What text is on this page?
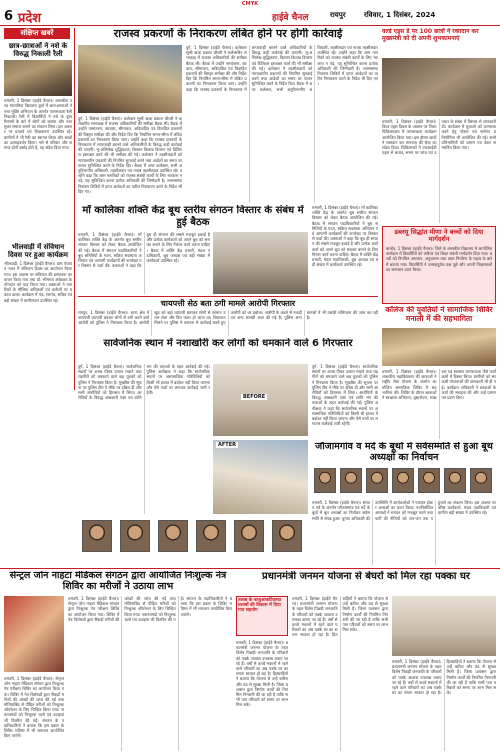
CMYK
6 प्रदेश	हाईवे चैनल	रायपुर	रविवार, 1 दिसंबर, 2024
संक्षिप्त खबरें
छात्र-छात्राओं ने नशे के विरुद्ध निकाली रैली
धमतरी, 1 दिसंबर (हाईवे चैनल)। शासकीय उच्च माध्यमिक विद्यालय कुर्रा में छात्र-छात्राओं ने नशा मुक्ति अभियान के अंतर्गत जागरूकता रैली निकाली। रैली में विद्यार्थियों ने नशे के दुष्परिणामों के बारे में लोगों को बताया और नशा मुक्त समाज बनाने का संकल्प लिया। इस अवसर पर प्राचार्य एवं शिक्षकगण उपस्थित रहे। ग्रामीणों ने भी रैली का स्वागत किया और बच्चों का उत्साहवर्धन किया। नशे से परिवार और समाज दोनों बर्बाद होते हैं, यह संदेश दिया गया।
भीलवाड़ी में संविधान दिवस पर हुआ कार्यक्रम
भीलवाड़ी, 1 दिसंबर (हाईवे चैनल)। ग्राम पंचायत भवन में संविधान दिवस का आयोजन किया गया। इस अवसर पर संविधान की प्रस्तावना का वाचन किया गया तथा डॉ. भीमराव अंबेडकर के योगदान को याद किया गया। वक्ताओं ने नागरिकों के मौलिक अधिकारों एवं कर्तव्यों पर प्रकाश डाला। कार्यक्रम में पंच, सरपंच, सचिव एवं बड़ी संख्या में ग्रामीणजन उपस्थित रहे।
राजस्व प्रकरणों के निराकरण लंबित होने पर होगी कार्रवाई
दुर्ग, 1 दिसंबर (हाईवे चैनल)। कलेक्टर सुश्री ऋचा प्रकाश चौधरी ने कलेक्टोरेट सभाकक्ष में राजस्व अधिकारियों की समीक्षा बैठक ली। बैठक में उन्होंने नामांतरण, बंटवारा, सीमांकन, अविवादित एवं विवादित प्रकरणों की विस्तृत समीक्षा की और निर्देश दिए कि निर्धारित समय-सीमा में लंबित प्रकरणों का निराकरण किया जाए। उन्होंने कहा कि राजस्व प्रकरणों के निराकरण में लापरवाही बरतने वाले अधिकारियों के विरुद्ध कड़ी कार्रवाई की जाएगी। भू-अभिलेख शुद्धिकरण, किसान किताब वितरण एवं डिजिटल हस्ताक्षर कार्य की भी समीक्षा की गई। कलेक्टर ने तहसीलदारों को न्यायालयीन प्रकरणों की नियमित सुनवाई करने तथा आदेशों का समय पर पालन सुनिश्चित करने के निर्देश दिए। बैठक में अपर कलेक्टर, सभी अनुविभागीय अधिकारी, तहसीलदार एवं नायब तहसीलदार उपस्थित रहे। उन्होंने कहा कि आम नागरिकों को राजस्व संबंधी कार्यों के लिए भटकना न पड़े, यह सुनिश्चित करना प्रत्येक अधिकारी की जिम्मेदारी है। जनसमस्या निवारण शिविरों में प्राप्त आवेदनों का त्वरित निराकरण करने के निर्देश भी दिए गए।
दुर्ग, 1 दिसंबर (हाईवे चैनल)। कलेक्टर सुश्री ऋचा प्रकाश चौधरी ने कलेक्टोरेट सभाकक्ष में राजस्व अधिकारियों की समीक्षा बैठक ली। बैठक में उन्होंने नामांतरण, बंटवारा, सीमांकन, अविवादित एवं विवादित प्रकरणों की विस्तृत समीक्षा की और निर्देश दिए कि निर्धारित समय-सीमा में लंबित प्रकरणों का निराकरण किया जाए। उन्होंने कहा कि राजस्व प्रकरणों के निराकरण में लापरवाही बरतने वाले अधिकारियों के विरुद्ध कड़ी कार्रवाई की जाएगी। भू-अभिलेख शुद्धिकरण, किसान किताब वितरण एवं डिजिटल हस्ताक्षर कार्य की भी समीक्षा की गई। कलेक्टर ने तहसीलदारों को न्यायालयीन प्रकरणों की नियमित सुनवाई करने तथा आदेशों का समय पर पालन सुनिश्चित करने के निर्देश दिए। बैठक में अपर कलेक्टर, सभी अनुविभागीय अधिकारी, तहसीलदार एवं नायब तहसीलदार उपस्थित रहे। उन्होंने कहा कि आम नागरिकों को राजस्व संबंधी कार्यों के लिए भटकना न पड़े, यह सुनिश्चित करना प्रत्येक अधिकारी की जिम्मेदारी है। जनसमस्या निवारण शिविरों में प्राप्त आवेदनों का त्वरित निराकरण करने के निर्देश भी दिए गए।
वर्ल्ड एड्स डे पर 100 छात्रों ने रक्तदान कर मुख्यमंत्री को दी अपनी शुभकामनाएं
धमतरी, 1 दिसंबर (हाईवे चैनल)। विश्व एड्स दिवस के अवसर पर जिला चिकित्सालय में जागरूकता कार्यक्रम आयोजित किया गया। इस दौरान छात्रों ने रक्तदान कर मानवता की सेवा का संदेश दिया। चिकित्सकों ने एचआईवी एड्स से बचाव, समय पर जांच एवं उपचार के संबंध में विस्तार से जानकारी दी। कार्यक्रम में युवाओं को जागरूक करने हेतु पोस्टर एवं स्लोगन प्रतियोगिता भी आयोजित की गई। सभी प्रतिभागियों को प्रमाण पत्र देकर सम्मानित किया गया।
माँ कालिका शक्ति केंद्र बूथ स्तरीय संगठन विस्तार के संबंध में हुई बैठक
धमतरी, 1 दिसंबर (हाईवे चैनल)। माँ कालिका शक्ति केंद्र के अंतर्गत बूथ स्तरीय संगठन विस्तार को लेकर बैठक आयोजित की गई। बैठक में संगठन पदाधिकारियों ने बूथ समितियों के गठन, सक्रिय सदस्यता अभियान एवं आगामी कार्यक्रमों की रूपरेखा पर विस्तार से चर्चा की। वक्ताओं ने कहा कि बूथ ही संगठन की सबसे मजबूत इकाई है और प्रत्येक कार्यकर्ता को अपने बूथ को सशक्त बनाने के लिए निरंतर कार्य करना चाहिए। बैठक में शक्ति केंद्र प्रभारी, मंडल पदाधिकारी, बूथ अध्यक्ष एवं बड़ी संख्या में कार्यकर्ता उपस्थित रहे।
धमतरी, 1 दिसंबर (हाईवे चैनल)। माँ कालिका शक्ति केंद्र के अंतर्गत बूथ स्तरीय संगठन विस्तार को लेकर बैठक आयोजित की गई। बैठक में संगठन पदाधिकारियों ने बूथ समितियों के गठन, सक्रिय सदस्यता अभियान एवं आगामी कार्यक्रमों की रूपरेखा पर विस्तार से चर्चा की। वक्ताओं ने कहा कि बूथ ही संगठन की सबसे मजबूत इकाई है और प्रत्येक कार्यकर्ता को अपने बूथ को सशक्त बनाने के लिए निरंतर कार्य करना चाहिए। बैठक में शक्ति केंद्र प्रभारी, मंडल पदाधिकारी, बूथ अध्यक्ष एवं बड़ी संख्या में कार्यकर्ता उपस्थित रहे।
डब्लयू सिद्धांत मीणा ने बच्चों को दिया मार्गदर्शन
बालोद, 1 दिसंबर (हाईवे चैनल)। जिले के शासकीय विद्यालय में आयोजित कार्यक्रम में विद्यार्थियों को करियर एवं शिक्षा संबंधी मार्गदर्शन दिया गया। बच्चों को नियमित अध्ययन, अनुशासन तथा लक्ष्य निर्धारण के महत्व के बारे में बताया गया। विद्यार्थियों ने उत्साहपूर्वक प्रश्न पूछे और अपनी जिज्ञासाओं का समाधान प्राप्त किया।
चायपत्ती सेठ बता ठगी मामले आरोपी गिरफ्तार
रायपुर, 1 दिसंबर (हाईवे चैनल)। थाना क्षेत्र में चायपत्ती व्यापारी बनकर लोगों से ठगी करने वाले आरोपी को पुलिस ने गिरफ्तार किया है। आरोपी खुद को बड़ा व्यापारी बताकर लोगों से सामान उधार लेता और फिर फरार हो जाता था। शिकायत मिलने पर पुलिस ने तत्परता से कार्रवाई करते हुए आरोपी को धर दबोचा। आरोपी के कब्जे से नकदी एवं अन्य सामग्री जब्त की गई है। पुलिस अन्य मामलों में भी उसकी संलिप्तता की जांच कर रही है।
कॉलेज की युवतियों ने सामाजिक शिविर मनाली में की सहभागिता
धमतरी, 1 दिसंबर (हाईवे चैनल)। शासकीय महाविद्यालय की छात्राओं ने राष्ट्रीय सेवा योजना के अंतर्गत आयोजित सामाजिक शिविर में सहभागिता की। शिविर के दौरान छात्राओं ने स्वच्छता अभियान, वृक्षारोपण, साक्षरता एवं स्वास्थ्य जागरूकता जैसे कार्यक्रमों में हिस्सा लिया। ग्रामीणों को सरकारी योजनाओं की जानकारी भी दी गई। कार्यक्रम अधिकारी ने छात्राओं के कार्य की सराहना की और उन्हें प्रमाण पत्र प्रदान किए।
सार्वजनिक स्थान में नशाखोरी कर लोगों को धमकाने वाले 6 गिरफ्तार
दुर्ग, 1 दिसंबर (हाईवे चैनल)। सार्वजनिक स्थानों पर शराब पीकर उत्पात मचाने तथा राहगीरों को धमकाने वाले छह युवकों को पुलिस ने गिरफ्तार किया है। मुखबिर की सूचना पर पुलिस टीम ने मौके पर दबिश दी और सभी आरोपियों को हिरासत में लिया। आरोपियों के विरुद्ध आबकारी एक्ट एवं शांति भंग की धाराओं के तहत कार्रवाई की गई। पुलिस अधीक्षक ने कहा कि सार्वजनिक स्थानों पर असामाजिक गतिविधियों को किसी भी हालत में बर्दाश्त नहीं किया जाएगा और ऐसे तत्वों पर लगातार कार्रवाई जारी रहेगी।
BEFORE
AFTER
दुर्ग, 1 दिसंबर (हाईवे चैनल)। सार्वजनिक स्थानों पर शराब पीकर उत्पात मचाने तथा राहगीरों को धमकाने वाले छह युवकों को पुलिस ने गिरफ्तार किया है। मुखबिर की सूचना पर पुलिस टीम ने मौके पर दबिश दी और सभी आरोपियों को हिरासत में लिया। आरोपियों के विरुद्ध आबकारी एक्ट एवं शांति भंग की धाराओं के तहत कार्रवाई की गई। पुलिस अधीक्षक ने कहा कि सार्वजनिक स्थानों पर असामाजिक गतिविधियों को किसी भी हालत में बर्दाश्त नहीं किया जाएगा और ऐसे तत्वों पर लगातार कार्रवाई जारी रहेगी।
जौजामगांव व मर्दे के बूथों में सर्वसम्मति से हुआ बूथ अध्यक्षों का निर्वाचन
धमतरी, 1 दिसंबर (हाईवे चैनल)। संगठन पर्व के अंतर्गत जौजामगांव एवं मर्दे के बूथों में बूथ अध्यक्षों का निर्वाचन सर्वसम्मति से संपन्न हुआ। चुनाव अधिकारी की उपस्थिति में कार्यकर्ताओं ने एकमत होकर अध्यक्षों का चयन किया। नवनिर्वाचित अध्यक्षों ने संगठन को मजबूत करने तथा पार्टी की नीतियों को जन-जन तक पहुंचाने का संकल्प लिया। इस अवसर पर वरिष्ठ कार्यकर्ता, मंडल पदाधिकारी एवं ग्रामीण बड़ी संख्या में उपस्थित रहे।
सेन्ट्रल जोन नाहटा मेडिकल संगठन द्वारा आयोजित निःशुल्क नेत्र शिविर का मरीजों ने उठाया लाभ
धमतरी, 1 दिसंबर (हाईवे चैनल)। सेन्ट्रल जोन नाहटा मेडिकल संगठन द्वारा निःशुल्क नेत्र परीक्षण शिविर का आयोजन किया गया। शिविर में नेत्र विशेषज्ञों द्वारा सैकड़ों मरीजों की आंखों की जांच की गई तथा मोतियाबिंद से पीड़ित मरीजों को निःशुल्क ऑपरेशन के लिए चिन्हित किया गया। जरूरतमंदों को निःशुल्क चश्मे एवं दवाइयां भी वितरित की गईं। संगठन के पदाधिकारियों ने बताया कि इस प्रकार के शिविर भविष्य में भी लगातार आयोजित किए जाएंगे।
धमतरी, 1 दिसंबर (हाईवे चैनल)। सेन्ट्रल जोन नाहटा मेडिकल संगठन द्वारा निःशुल्क नेत्र परीक्षण शिविर का आयोजन किया गया। शिविर में नेत्र विशेषज्ञों द्वारा सैकड़ों मरीजों की आंखों की जांच की गई तथा मोतियाबिंद से पीड़ित मरीजों को निःशुल्क ऑपरेशन के लिए चिन्हित किया गया। जरूरतमंदों को निःशुल्क चश्मे एवं दवाइयां भी वितरित की गईं। संगठन के पदाधिकारियों ने बताया कि इस प्रकार के शिविर भविष्य में भी लगातार आयोजित किए जाएंगे।
प्रधानमंत्री जनमन योजना से बेघरों को मिल रहा पक्का घर
तलाब के बाजुआकटिकमठ तलाबों की विकास में दिया गया सहयोग
धमतरी, 1 दिसंबर (हाईवे चैनल)। प्रधानमंत्री जनमन योजना के तहत विशेष पिछड़ी जनजाति के परिवारों को पक्के आवास उपलब्ध कराए जा रहे हैं। वर्षों से कच्चे मकानों में रहने वाले परिवारों का अब पक्के घर का सपना साकार हो रहा है। हितग्राहियों ने बताया कि योजना से उन्हें बारिश और ठंड से सुरक्षा मिली है। जिला प्रशासन द्वारा निर्माण कार्यों की नियमित निगरानी की जा रही है ताकि सभी पात्र परिवारों को समय पर लाभ मिल सके।
धमतरी, 1 दिसंबर (हाईवे चैनल)। प्रधानमंत्री जनमन योजना के तहत विशेष पिछड़ी जनजाति के परिवारों को पक्के आवास उपलब्ध कराए जा रहे हैं। वर्षों से कच्चे मकानों में रहने वाले परिवारों का अब पक्के घर का सपना साकार हो रहा है। हितग्राहियों ने बताया कि योजना से उन्हें बारिश और ठंड से सुरक्षा मिली है। जिला प्रशासन द्वारा निर्माण कार्यों की नियमित निगरानी की जा रही है ताकि सभी पात्र परिवारों को समय पर लाभ मिल सके।
धमतरी, 1 दिसंबर (हाईवे चैनल)। प्रधानमंत्री जनमन योजना के तहत विशेष पिछड़ी जनजाति के परिवारों को पक्के आवास उपलब्ध कराए जा रहे हैं। वर्षों से कच्चे मकानों में रहने वाले परिवारों का अब पक्के घर का सपना साकार हो रहा है। हितग्राहियों ने बताया कि योजना से उन्हें बारिश और ठंड से सुरक्षा मिली है। जिला प्रशासन द्वारा निर्माण कार्यों की नियमित निगरानी की जा रही है ताकि सभी पात्र परिवारों को समय पर लाभ मिल सके।
